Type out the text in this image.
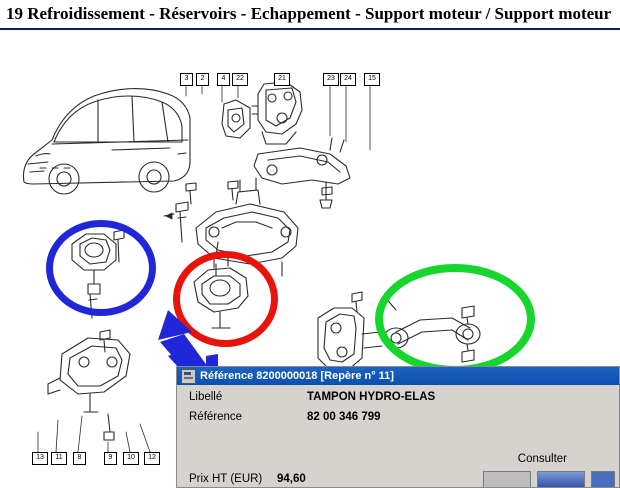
19 Refroidissement - Réservoirs - Echappement - Support moteur / Support moteur
3	2	4	22	21	23	24	15
13	11	8	9	10	12
Référence 8200000018 [Repère n° 11]
Libellé	TAMPON HYDRO-ELAS
Référence	82 00 346 799
Consulter
Prix HT (EUR)	94,60
